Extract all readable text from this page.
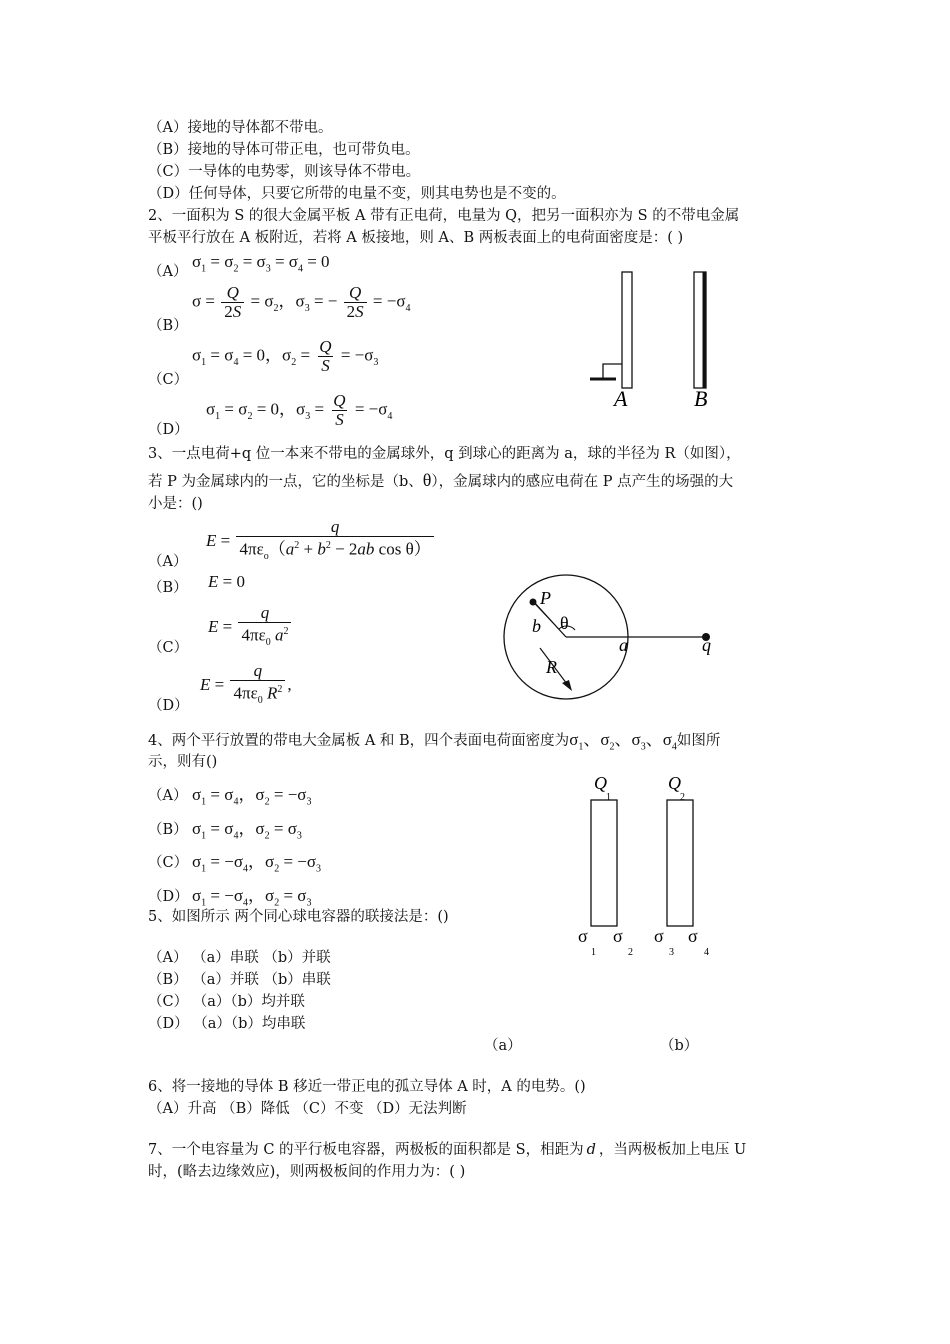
（A）接地的导体都不带电。
（B）接地的导体可带正电，也可带负电。
（C）一导体的电势零，则该导体不带电。
（D）任何导体，只要它所带的电量不变，则其电势也是不变的。
2、一面积为 S 的很大金属平板 A 带有正电荷，电量为 Q，把另一面积亦为 S 的不带电金属
平板平行放在 A 板附近，若将 A 板接地，则 A、B 两板表面上的电荷面密度是：( )
（A）
$\sigma_1 = \sigma_2 = \sigma_3 = \sigma_4 = 0$
（B）
$\sigma = \frac{Q}{2S} = \sigma_2$，$\sigma_3$ = − $\frac{Q}{2S} = -\sigma_4$
（C）
$\sigma_1 = \sigma_4 = 0$，$\sigma_2 = \frac{Q}{S} = -\sigma_3$
（D）
$\sigma_1 = \sigma_2 = 0$，$\sigma_3 = \frac{Q}{S} = -\sigma_4$
A	B
3、一点电荷+q 位一本来不带电的金属球外，q 到球心的距离为 a，球的半径为 R（如图），
若 P 为金属球内的一点，它的坐标是（b、θ），金属球内的感应电荷在 P 点产生的场强的大
小是：()
（A）
$E = \frac{q}{4\pi\varepsilon_o(a^2 + b^2 - 2ab \cos \theta)}$
（B） E = 0
（C）
$E = \frac{q}{4\pi\varepsilon_0 a^2}$
（D）
$E = \frac{q}{4\pi\varepsilon_0 R^2}$ ,
P
b θ
a	q
R
4、两个平行放置的带电大金属板 A 和 B，四个表面电荷面密度为$\sigma_1$、$\sigma_2$、$\sigma_3$、$\sigma_4$如图所
示，则有()
（A） $\sigma_1 = \sigma_4$，$\sigma_2 = -\sigma_3$
（B） $\sigma_1 = \sigma_4$，$\sigma_2 = \sigma_3$
（C） $\sigma_1 = -\sigma_4$，$\sigma_2 = -\sigma_3$
（D） $\sigma_1 = -\sigma_4$，$\sigma_2 = \sigma_3$
Q
1
Q
2
σ
1
σ
2
σ
3
σ
4
5、如图所示 两个同心球电容器的联接法是：()
（A） （a）串联 （b）并联
（B） （a）并联 （b）串联
（C） （a）（b）均并联
（D） （a）（b）均串联
（a）	（b）
6、将一接地的导体 B 移近一带正电的孤立导体 A 时，A 的电势。()
（A）升高 （B）降低 （C）不变 （D）无法判断
7、一个电容量为 C 的平行板电容器，两极板的面积都是 S，相距为 d ，当两极板加上电压 U
时，(略去边缘效应)，则两极板间的作用力为：( )
